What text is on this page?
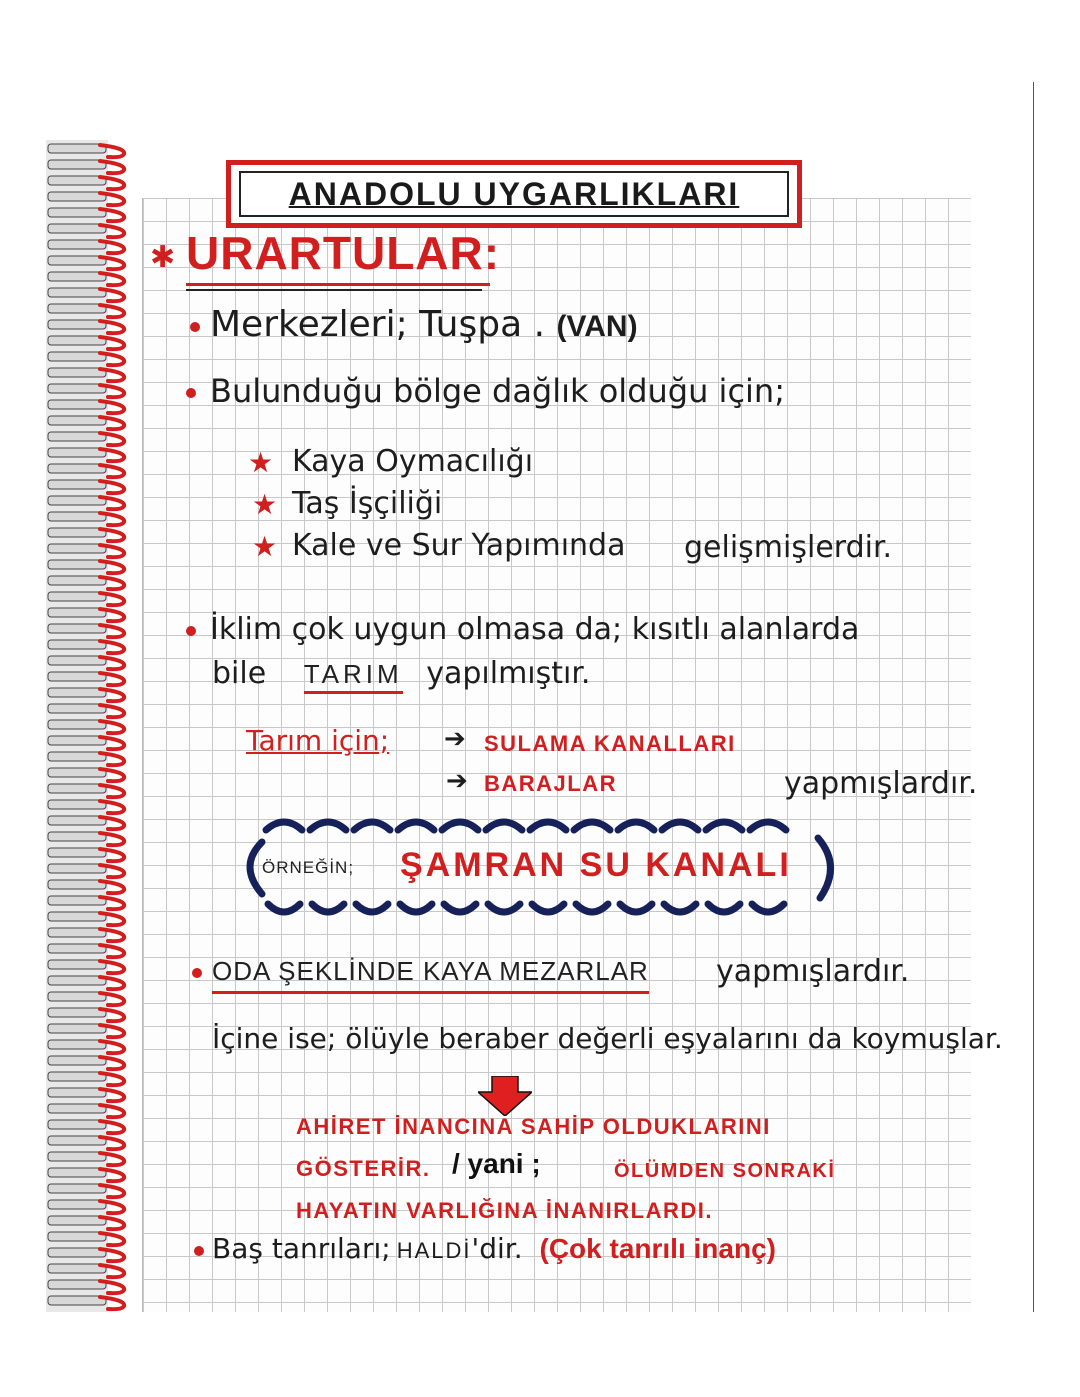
ANADOLU UYGARLIKLARI
✱ URARTULAR:
Merkezleri; Tuşpa . (VAN)
Bulunduğu bölge dağlık olduğu için;
★ Kaya Oymacılığı
★ Taş İşçiliği
★ Kale ve Sur Yapımında gelişmişlerdir.
İklim çok uygun olmasa da; kısıtlı alanlarda
bile TARIM yapılmıştır.
Tarım için; ➔ SULAMA KANALLARI
➔ BARAJLAR	yapmışlardır.
ÖRNEĞİN; ŞAMRAN SU KANALI
ODA ŞEKLİNDE KAYA MEZARLAR yapmışlardır.
İçine ise; ölüyle beraber değerli eşyalarını da koymuşlar.
AHİRET İNANCINA SAHİP OLDUKLARINI
GÖSTERİR. / yani ;	ÖLÜMDEN SONRAKİ
HAYATIN VARLIĞINA İNANIRLARDI.
Baş tanrıları; HALDİ'dir. (Çok tanrılı inanç)
